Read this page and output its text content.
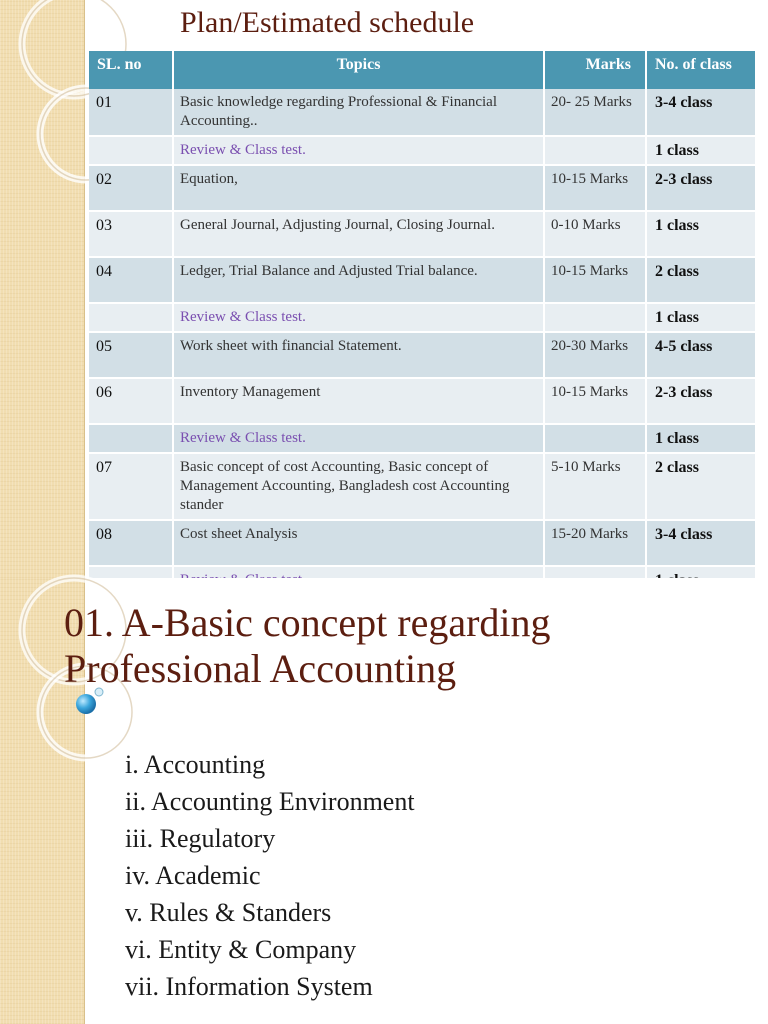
Plan/Estimated schedule
SL. no	Topics	Marks	No. of class
01	Basic knowledge regarding Professional & Financial Accounting..	20- 25 Marks	3-4 class
	Review & Class test.		1 class
02	Equation,	10-15 Marks	2-3 class
03	General Journal, Adjusting Journal, Closing Journal.	0-10 Marks	1 class
04	Ledger, Trial Balance and Adjusted Trial balance.	10-15 Marks	2 class
	Review & Class test.		1 class
05	Work sheet with financial Statement.	20-30 Marks	4-5 class
06	Inventory Management	10-15 Marks	2-3 class
	Review & Class test.		1 class
07	Basic concept of cost Accounting, Basic concept of Management Accounting, Bangladesh cost Accounting stander	5-10 Marks	2 class
08	Cost sheet Analysis	15-20 Marks	3-4 class

01. A-Basic concept regarding Professional Accounting
i. Accounting
ii. Accounting Environment
iii. Regulatory
iv. Academic
v. Rules & Standers
vi. Entity & Company
vii. Information System
